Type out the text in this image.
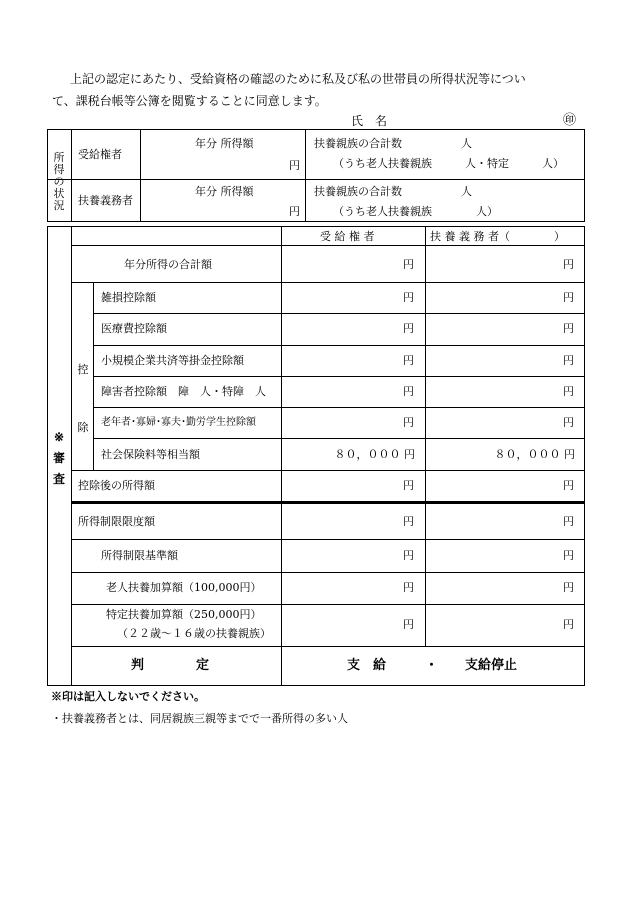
上記の認定にあたり、受給資格の確認のために私及び私の世帯員の所得状況等につい
て、課税台帳等公簿を閲覧することに同意します。
氏　名	㊞
所
得
の
状
況
受給権者
年分 所得額
円
扶養親族の合計数	人
（うち老人扶養親族　　　人・特定　　　人）
扶養義務者
年分 所得額
円
扶養親族の合計数	人
（うち老人扶養親族　　　　人）
※
審
査
受 給 権 者	扶 養 義 務 者（　　　　）
年分所得の合計額	円	円
控
除
雑損控除額	円	円
医療費控除額	円	円
小規模企業共済等掛金控除額	円	円
障害者控除額　障　人・特障　人	円	円
老年者･寡婦･寡夫･勤労学生控除額	円	円
社会保険料等相当額	８０，０００ 円	８０，０００ 円
控除後の所得額	円	円
所得制限限度額	円	円
所得制限基準額	円	円
老人扶養加算額（100,000円）	円	円
特定扶養加算額（250,000円）
（２２歳～１６歳の扶養親族）
円	円
判　　　　定	支　給	・ 支給停止
※印は記入しないでください。
・扶養義務者とは、同居親族三親等までで一番所得の多い人
